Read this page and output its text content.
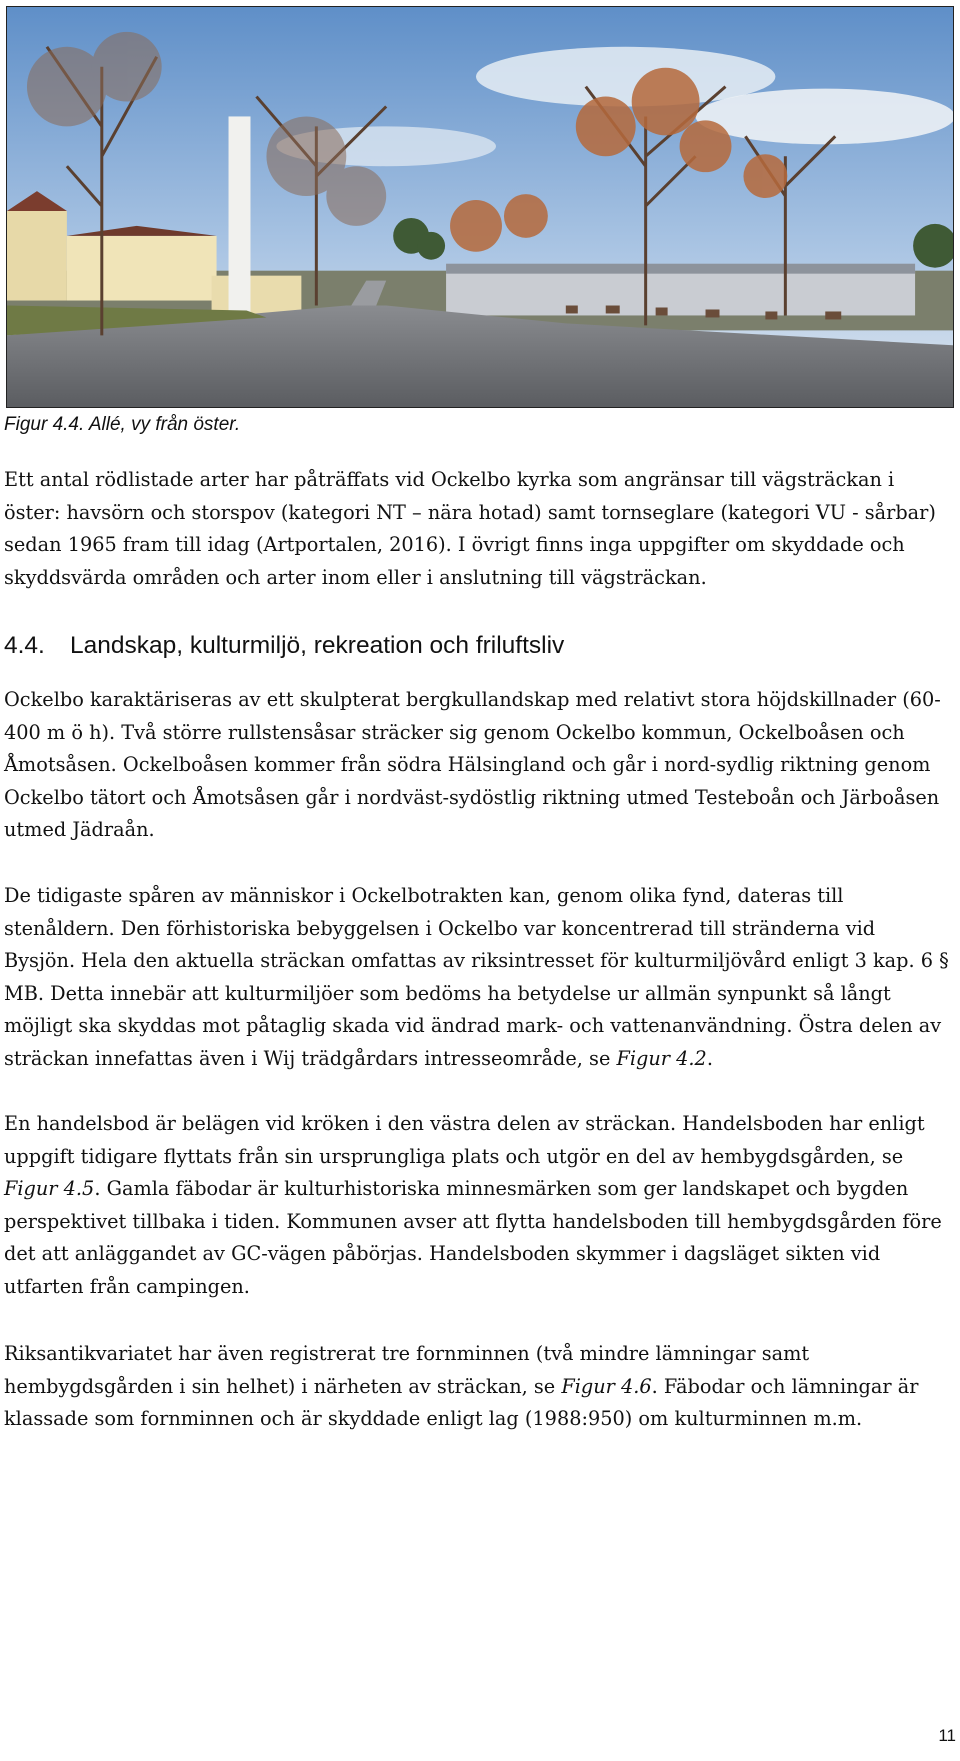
Figur 4.4. Allé, vy från öster.

Ett antal rödlistade arter har påträffats vid Ockelbo kyrka som angränsar till vägsträckan i öster: havsörn och storspov (kategori NT – nära hotad) samt tornseglare (kategori VU - sårbar) sedan 1965 fram till idag (Artportalen, 2016). I övrigt finns inga uppgifter om skyddade och skyddsvärda områden och arter inom eller i anslutning till vägsträckan.

4.4. Landskap, kulturmiljö, rekreation och friluftsliv

Ockelbo karaktäriseras av ett skulpterat bergkullandskap med relativt stora höjdskillnader (60-400 m ö h). Två större rullstensåsar sträcker sig genom Ockelbo kommun, Ockelboåsen och Åmotsåsen. Ockelboåsen kommer från södra Hälsingland och går i nord-sydlig riktning genom Ockelbo tätort och Åmotsåsen går i nordväst-sydöstlig riktning utmed Testeboån och Järboåsen utmed Jädraån.

De tidigaste spåren av människor i Ockelbotrakten kan, genom olika fynd, dateras till stenåldern. Den förhistoriska bebyggelsen i Ockelbo var koncentrerad till stränderna vid Bysjön. Hela den aktuella sträckan omfattas av riksintresset för kulturmiljövård enligt 3 kap. 6 § MB. Detta innebär att kulturmiljöer som bedöms ha betydelse ur allmän synpunkt så långt möjligt ska skyddas mot påtaglig skada vid ändrad mark- och vattenanvändning. Östra delen av sträckan innefattas även i Wij trädgårdars intresseområde, se Figur 4.2.

En handelsbod är belägen vid kröken i den västra delen av sträckan. Handelsboden har enligt uppgift tidigare flyttats från sin ursprungliga plats och utgör en del av hembygdsgården, se Figur 4.5. Gamla fäbodar är kulturhistoriska minnesmärken som ger landskapet och bygden perspektivet tillbaka i tiden. Kommunen avser att flytta handelsboden till hembygdsgården före det att anläggandet av GC-vägen påbörjas. Handelsboden skymmer i dagsläget sikten vid utfarten från campingen.

Riksantikvariatet har även registrerat tre fornminnen (två mindre lämningar samt hembygdsgården i sin helhet) i närheten av sträckan, se Figur 4.6. Fäbodar och lämningar är klassade som fornminnen och är skyddade enligt lag (1988:950) om kulturminnen m.m.

11
